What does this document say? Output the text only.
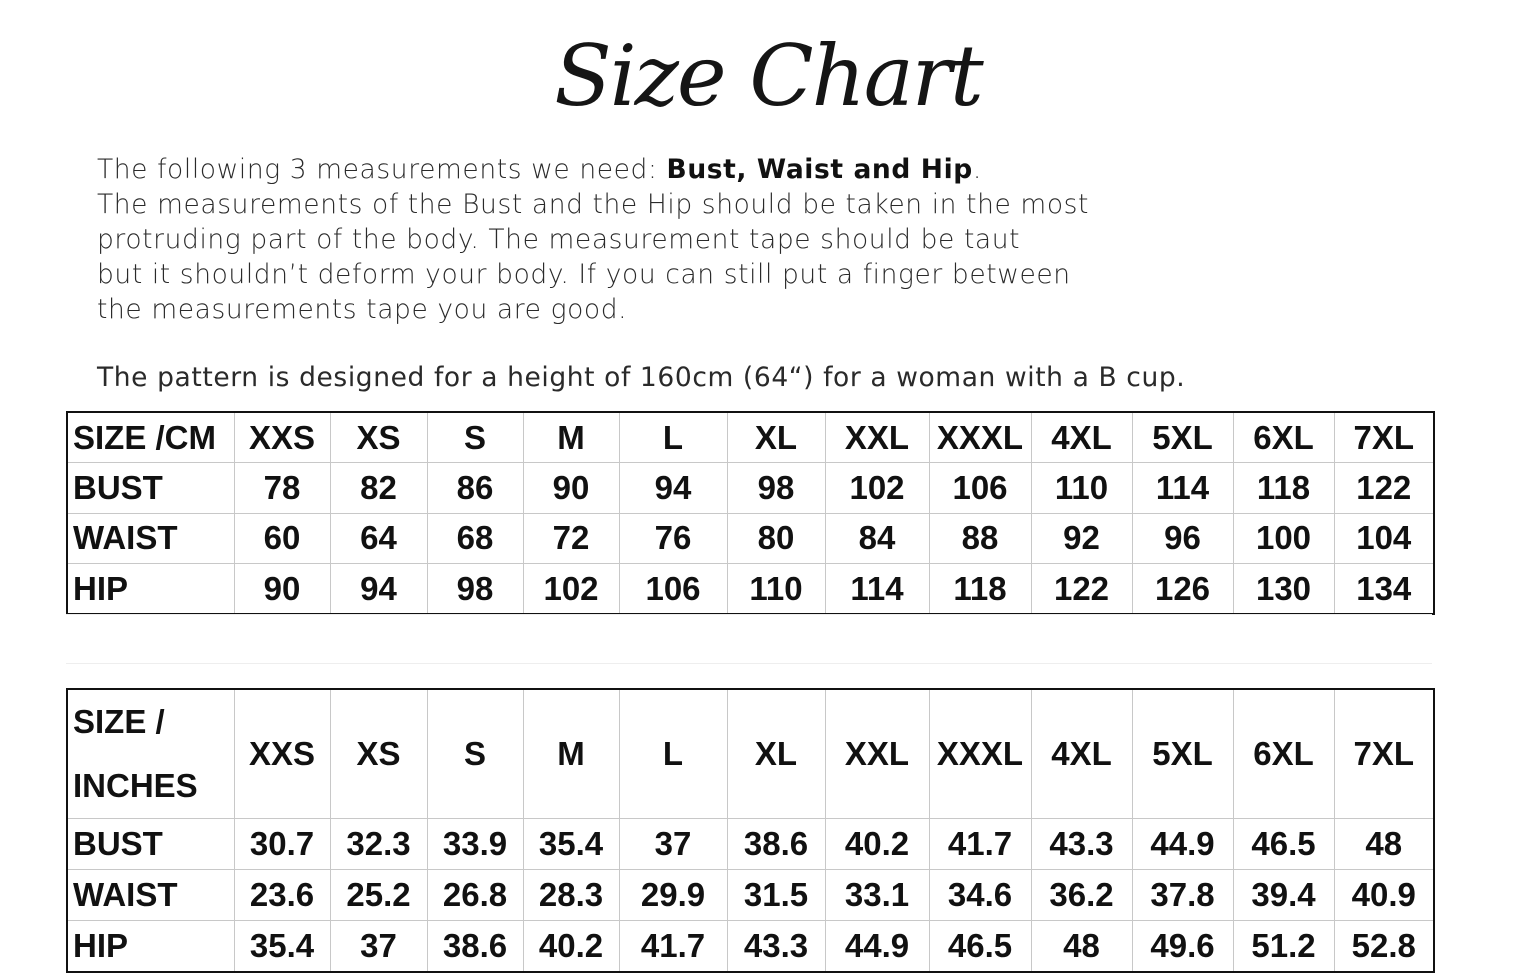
Size Chart

The following 3 measurements we need: Bust, Waist and Hip.

The measurements of the Bust and the Hip should be taken in the most

protruding part of the body. The measurement tape should be taut

but it shouldn’t deform your body. If you can still put a finger between

the measurements tape you are good.

The pattern is designed for a height of 160cm (64“) for a woman with a B cup.
SIZE /CM	XXS	XS	S	M	L	XL	XXL	XXXL	4XL	5XL	6XL	7XL
BUST	78	82	86	90	94	98	102	106	110	114	118	122
WAIST	60	64	68	72	76	80	84	88	92	96	100	104
HIP	90	94	98	102	106	110	114	118	122	126	130	134
SIZE / INCHES	XXS	XS	S	M	L	XL	XXL	XXXL	4XL	5XL	6XL	7XL
BUST	30.7	32.3	33.9	35.4	37	38.6	40.2	41.7	43.3	44.9	46.5	48
WAIST	23.6	25.2	26.8	28.3	29.9	31.5	33.1	34.6	36.2	37.8	39.4	40.9
HIP	35.4	37	38.6	40.2	41.7	43.3	44.9	46.5	48	49.6	51.2	52.8
